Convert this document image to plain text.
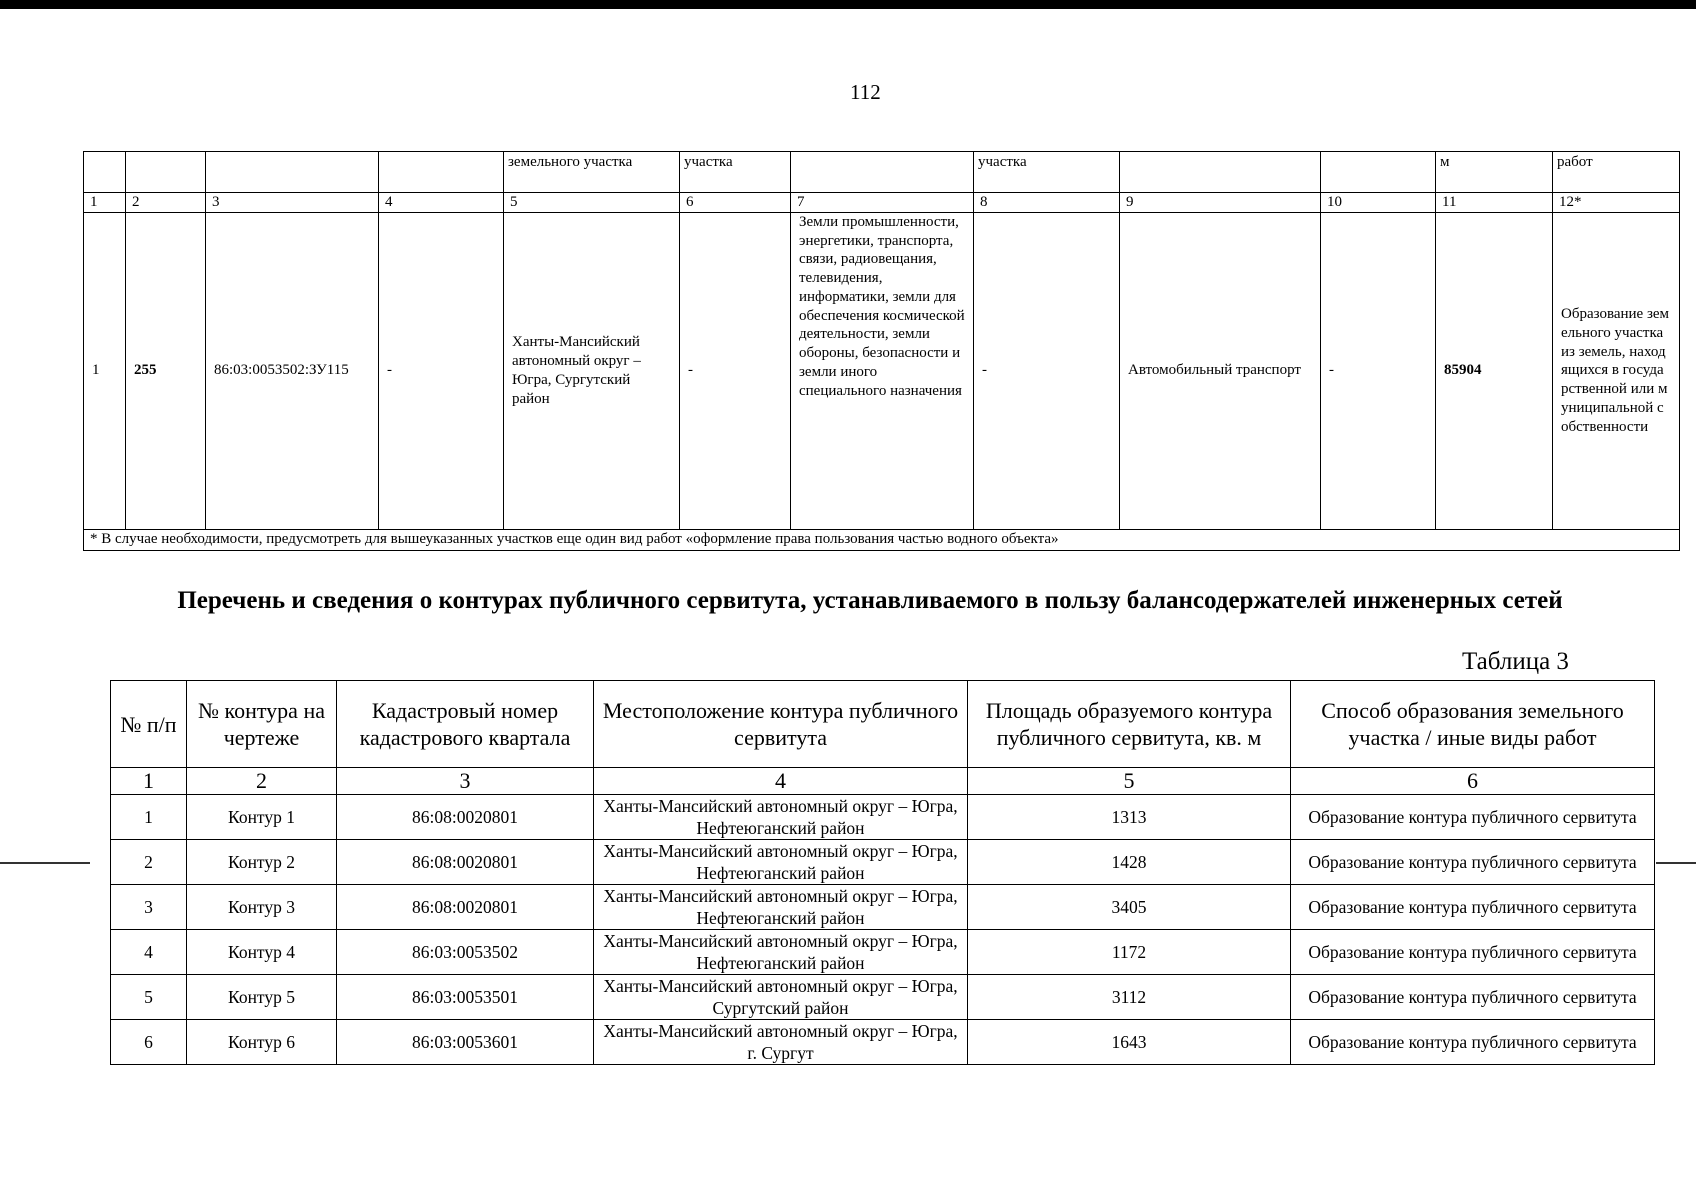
112
				земельного участка	участка		участка			м	работ
1	2	3	4	5	6	7	8	9	10	11	12*
1	255	86:03:0053502:ЗУ115	-	Ханты-Мансийский автономный округ – Югра, Сургутский район	-	Земли промышленности, энергетики, транспорта, связи, радиовещания, телевидения, информатики, земли для обеспечения космической деятельности, земли обороны, безопасности и земли иного специального назначения	-	Автомобильный транспорт	-	85904	Образование земельного участка из земель, находящихся в государственной или муниципальной собственности
* В случае необходимости, предусмотреть для вышеуказанных участков еще один вид работ «оформление права пользования частью водного объекта»											
Перечень и сведения о контурах публичного сервитута, устанавливаемого в пользу балансодержателей инженерных сетей
Таблица 3
№ п/п	№ контура на чертеже	Кадастровый номер кадастрового квартала	Местоположение контура публичного сервитута	Площадь образуемого контура публичного сервитута, кв. м	Способ образования земельного участка / иные виды работ
1	2	3	4	5	6
1	Контур 1	86:08:0020801	Ханты-Мансийский автономный округ – Югра, Нефтеюганский район	1313	Образование контура публичного сервитута
2	Контур 2	86:08:0020801	Ханты-Мансийский автономный округ – Югра, Нефтеюганский район	1428	Образование контура публичного сервитута
3	Контур 3	86:08:0020801	Ханты-Мансийский автономный округ – Югра, Нефтеюганский район	3405	Образование контура публичного сервитута
4	Контур 4	86:03:0053502	Ханты-Мансийский автономный округ – Югра, Нефтеюганский район	1172	Образование контура публичного сервитута
5	Контур 5	86:03:0053501	Ханты-Мансийский автономный округ – Югра, Сургутский район	3112	Образование контура публичного сервитута
6	Контур 6	86:03:0053601	Ханты-Мансийский автономный округ – Югра, г. Сургут	1643	Образование контура публичного сервитута
